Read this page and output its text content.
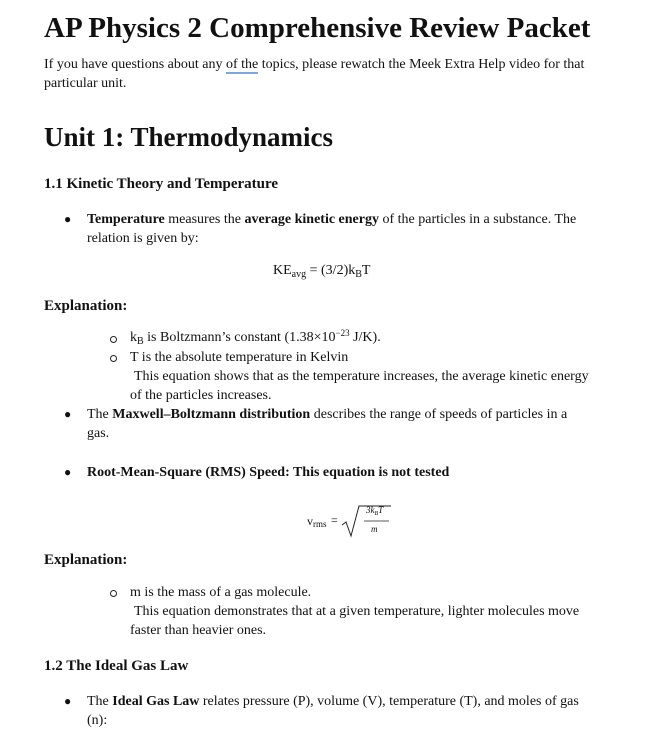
AP Physics 2 Comprehensive Review Packet
If you have questions about any of the topics, please rewatch the Meek Extra Help video for that
particular unit.
Unit 1: Thermodynamics
1.1 Kinetic Theory and Temperature
● Temperature measures the average kinetic energy of the particles in a substance. The
relation is given by:
$KE_{avg} = (3/2)k_BT$
Explanation:
$k_B$ is Boltzmann’s constant ($1.38\times 10^{-23}$ J/K).
T is the absolute temperature in Kelvin
This equation shows that as the temperature increases, the average kinetic energy
of the particles increases.
● The Maxwell–Boltzmann distribution describes the range of speeds of particles in a
gas.
● Root-Mean-Square (RMS) Speed: This equation is not tested
vrms =
$3k_BT$
m
Explanation:
m is the mass of a gas molecule.
This equation demonstrates that at a given temperature, lighter molecules move
faster than heavier ones.
1.2 The Ideal Gas Law
● The Ideal Gas Law relates pressure (P), volume (V), temperature (T), and moles of gas
(n):
